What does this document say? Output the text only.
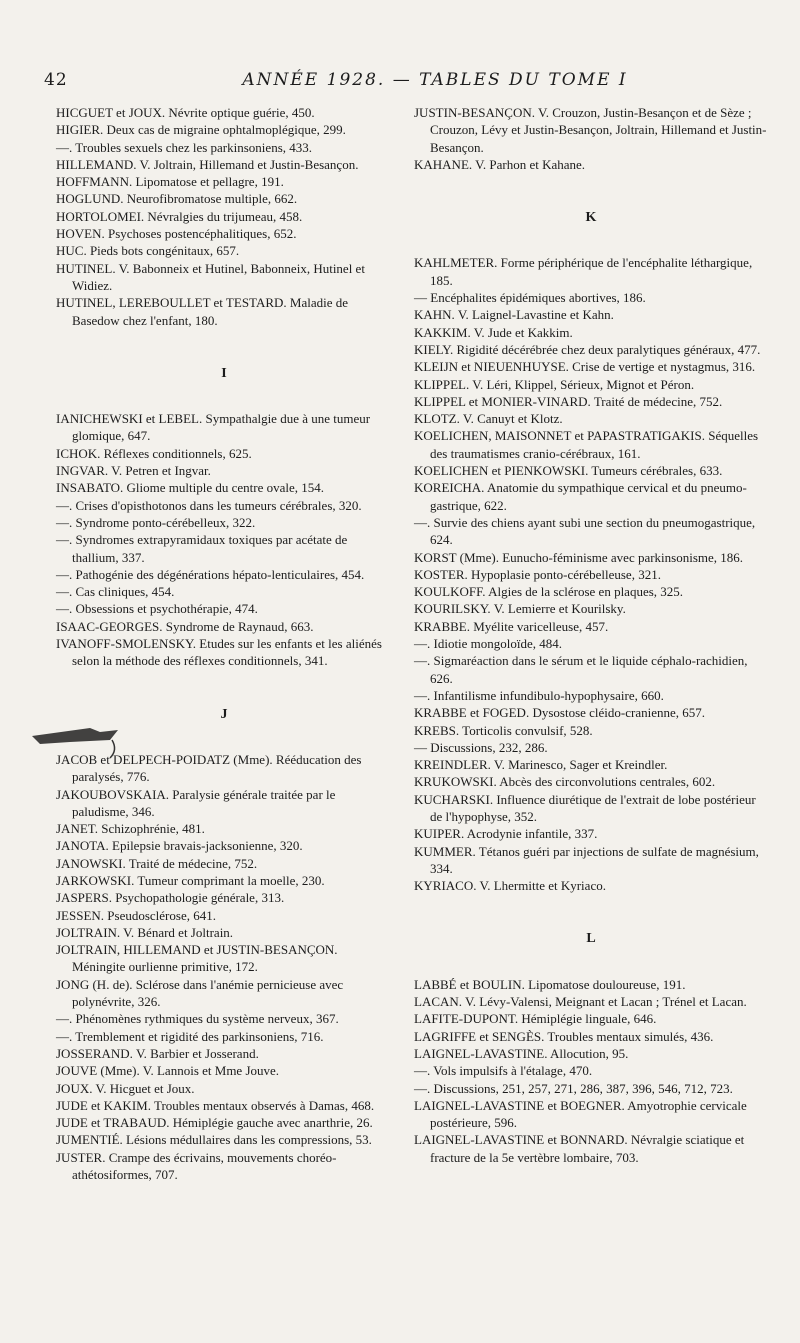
42	ANNÉE 1928. — TABLES DU TOME I
HICGUET et JOUX. Névrite optique guérie, 450.
HIGIER. Deux cas de migraine ophtalmoplégique, 299.
—. Troubles sexuels chez les parkinsoniens, 433.
HILLEMAND. V. Joltrain, Hillemand et Justin-Besançon.
HOFFMANN. Lipomatose et pellagre, 191.
HOGLUND. Neurofibromatose multiple, 662.
HORTOLOMEI. Névralgies du trijumeau, 458.
HOVEN. Psychoses postencéphalitiques, 652.
HUC. Pieds bots congénitaux, 657.
HUTINEL. V. Babonneix et Hutinel, Babonneix, Hutinel et Widiez.
HUTINEL, LEREBOULLET et TESTARD. Maladie de Basedow chez l'enfant, 180.
I
IANICHEWSKI et LEBEL. Sympathalgie due à une tumeur glomique, 647.
ICHOK. Réflexes conditionnels, 625.
INGVAR. V. Petren et Ingvar.
INSABATO. Gliome multiple du centre ovale, 154.
—. Crises d'opisthotonos dans les tumeurs cérébrales, 320.
—. Syndrome ponto-cérébelleux, 322.
—. Syndromes extrapyramidaux toxiques par acétate de thallium, 337.
—. Pathogénie des dégénérations hépato-lenticulaires, 454.
—. Cas cliniques, 454.
—. Obsessions et psychothérapie, 474.
ISAAC-GEORGES. Syndrome de Raynaud, 663.
IVANOFF-SMOLENSKY. Etudes sur les enfants et les aliénés selon la méthode des réflexes conditionnels, 341.
J
JACOB et DELPECH-POIDATZ (Mme). Rééducation des paralysés, 776.
JAKOUBOVSKAIA. Paralysie générale traitée par le paludisme, 346.
JANET. Schizophrénie, 481.
JANOTA. Epilepsie bravais-jacksonienne, 320.
JANOWSKI. Traité de médecine, 752.
JARKOWSKI. Tumeur comprimant la moelle, 230.
JASPERS. Psychopathologie générale, 313.
JESSEN. Pseudosclérose, 641.
JOLTRAIN. V. Bénard et Joltrain.
JOLTRAIN, HILLEMAND et JUSTIN-BESANÇON. Méningite ourlienne primitive, 172.
JONG (H. de). Sclérose dans l'anémie pernicieuse avec polynévrite, 326.
—. Phénomènes rythmiques du système nerveux, 367.
—. Tremblement et rigidité des parkinsoniens, 716.
JOSSERAND. V. Barbier et Josserand.
JOUVE (Mme). V. Lannois et Mme Jouve.
JOUX. V. Hicguet et Joux.
JUDE et KAKIM. Troubles mentaux observés à Damas, 468.
JUDE et TRABAUD. Hémiplégie gauche avec anarthrie, 26.
JUMENTIÉ. Lésions médullaires dans les compressions, 53.
JUSTER. Crampe des écrivains, mouvements choréo-athétosiformes, 707.
JUSTIN-BESANÇON. V. Crouzon, Justin-Besançon et de Sèze ; Crouzon, Lévy et Justin-Besançon, Joltrain, Hillemand et Justin-Besançon.
KAHANE. V. Parhon et Kahane.
K
KAHLMETER. Forme périphérique de l'encéphalite léthargique, 185.
— Encéphalites épidémiques abortives, 186.
KAHN. V. Laignel-Lavastine et Kahn.
KAKKIM. V. Jude et Kakkim.
KIELY. Rigidité décérébrée chez deux paralytiques généraux, 477.
KLEIJN et NIEUENHUYSE. Crise de vertige et nystagmus, 316.
KLIPPEL. V. Léri, Klippel, Sérieux, Mignot et Péron.
KLIPPEL et MONIER-VINARD. Traité de médecine, 752.
KLOTZ. V. Canuyt et Klotz.
KOELICHEN, MAISONNET et PAPASTRATIGAKIS. Séquelles des traumatismes cranio-cérébraux, 161.
KOELICHEN et PIENKOWSKI. Tumeurs cérébrales, 633.
KOREICHA. Anatomie du sympathique cervical et du pneumo-gastrique, 622.
—. Survie des chiens ayant subi une section du pneumogastrique, 624.
KORST (Mme). Eunucho-féminisme avec parkinsonisme, 186.
KOSTER. Hypoplasie ponto-cérébelleuse, 321.
KOULKOFF. Algies de la sclérose en plaques, 325.
KOURILSKY. V. Lemierre et Kourilsky.
KRABBE. Myélite varicelleuse, 457.
—. Idiotie mongoloïde, 484.
—. Sigmaréaction dans le sérum et le liquide céphalo-rachidien, 626.
—. Infantilisme infundibulo-hypophysaire, 660.
KRABBE et FOGED. Dysostose cléido-cranienne, 657.
KREBS. Torticolis convulsif, 528.
— Discussions, 232, 286.
KREINDLER. V. Marinesco, Sager et Kreindler.
KRUKOWSKI. Abcès des circonvolutions centrales, 602.
KUCHARSKI. Influence diurétique de l'extrait de lobe postérieur de l'hypophyse, 352.
KUIPER. Acrodynie infantile, 337.
KUMMER. Tétanos guéri par injections de sulfate de magnésium, 334.
KYRIACO. V. Lhermitte et Kyriaco.
L
LABBÉ et BOULIN. Lipomatose douloureuse, 191.
LACAN. V. Lévy-Valensi, Meignant et Lacan ; Trénel et Lacan.
LAFITE-DUPONT. Hémiplégie linguale, 646.
LAGRIFFE et SENGÈS. Troubles mentaux simulés, 436.
LAIGNEL-LAVASTINE. Allocution, 95.
—. Vols impulsifs à l'étalage, 470.
—. Discussions, 251, 257, 271, 286, 387, 396, 546, 712, 723.
LAIGNEL-LAVASTINE et BOEGNER. Amyotrophie cervicale postérieure, 596.
LAIGNEL-LAVASTINE et BONNARD. Névralgie sciatique et fracture de la 5e vertèbre lombaire, 703.
